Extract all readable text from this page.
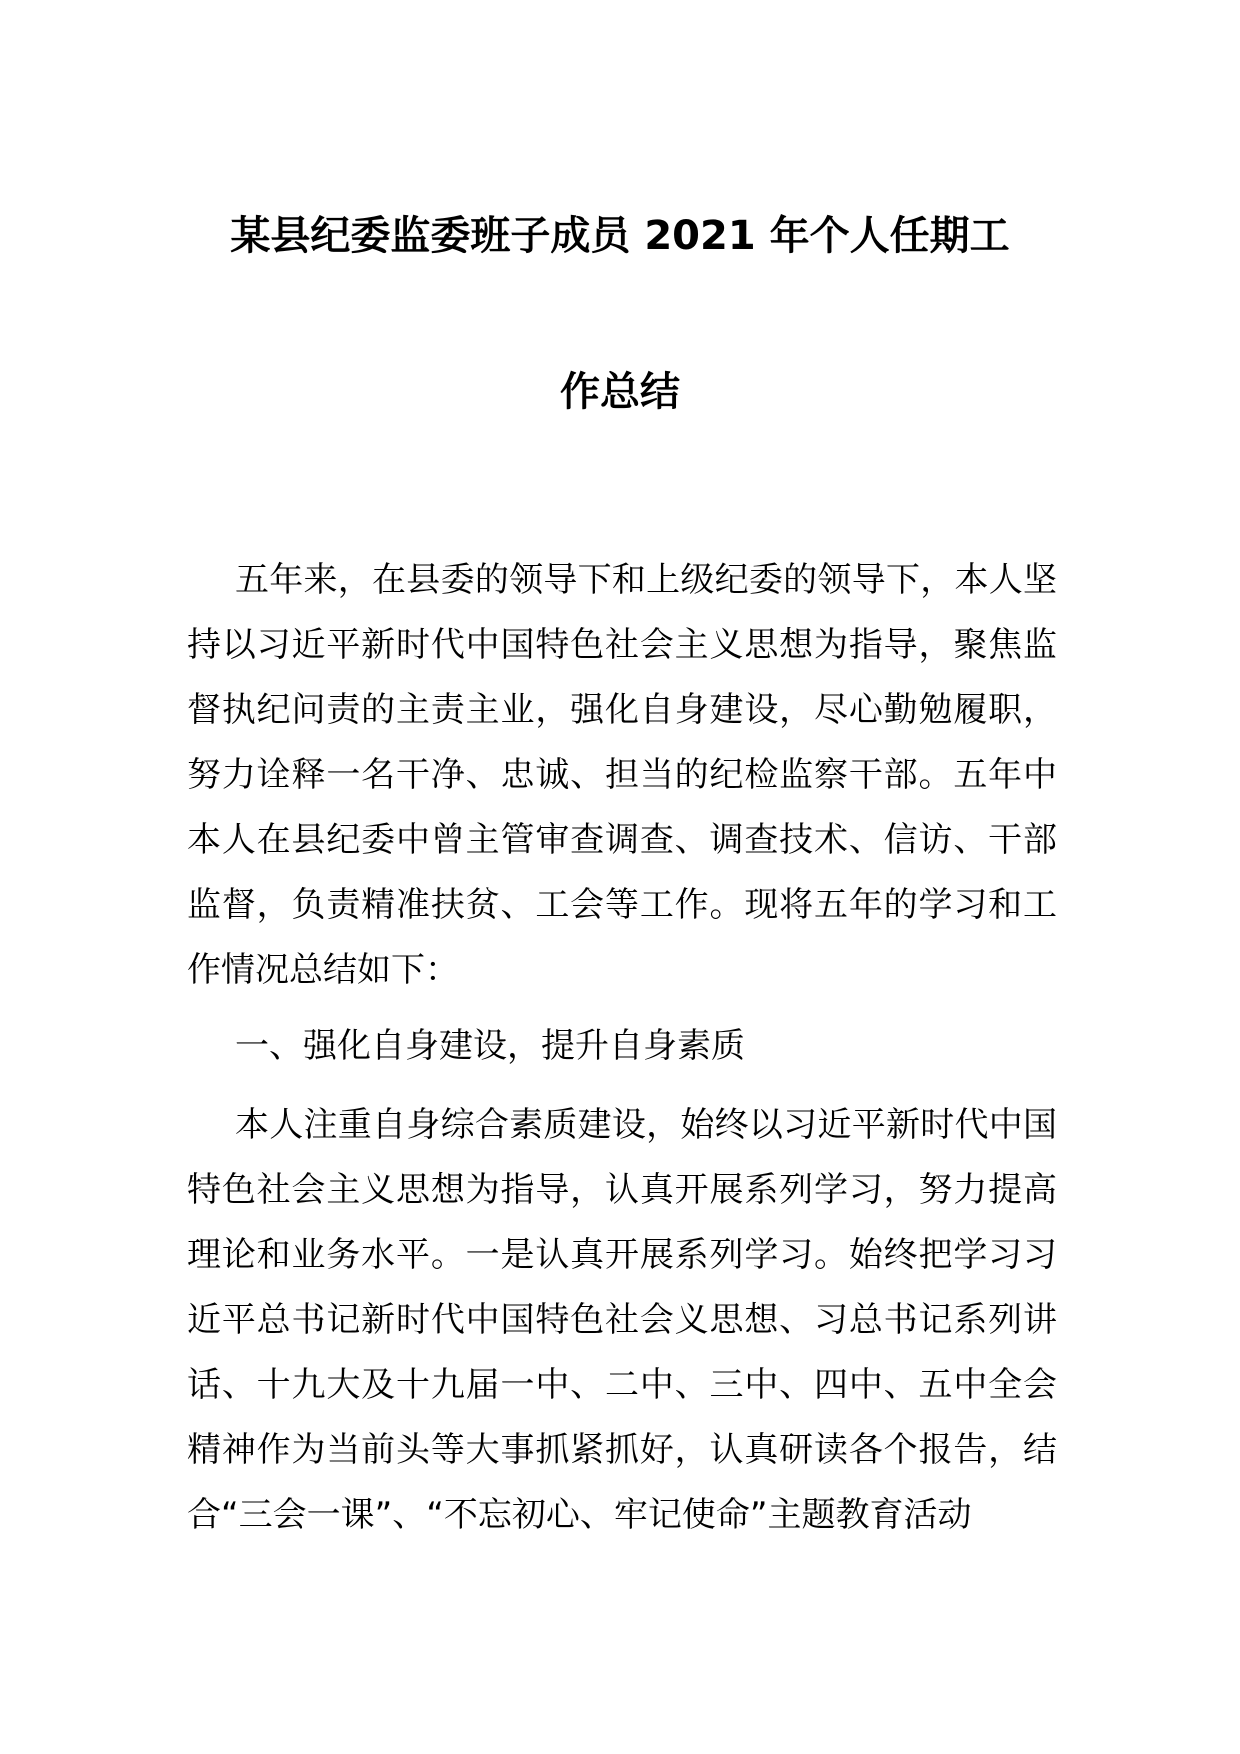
某县纪委监委班子成员 2021 年个人任期工
作总结
五年来，在县委的领导下和上级纪委的领导下，本人坚持以习近平新时代中国特色社会主义思想为指导，聚焦监督执纪问责的主责主业，强化自身建设，尽心勤勉履职，努力诠释一名干净、忠诚、担当的纪检监察干部。五年中本人在县纪委中曾主管审查调查、调查技术、信访、干部监督，负责精准扶贫、工会等工作。现将五年的学习和工作情况总结如下：
一、强化自身建设，提升自身素质
本人注重自身综合素质建设，始终以习近平新时代中国特色社会主义思想为指导，认真开展系列学习，努力提高理论和业务水平。一是认真开展系列学习。始终把学习习近平总书记新时代中国特色社会义思想、习总书记系列讲话、十九大及十九届一中、二中、三中、四中、五中全会精神作为当前头等大事抓紧抓好，认真研读各个报告，结合“三会一课”、“不忘初心、牢记使命”主题教育活动
